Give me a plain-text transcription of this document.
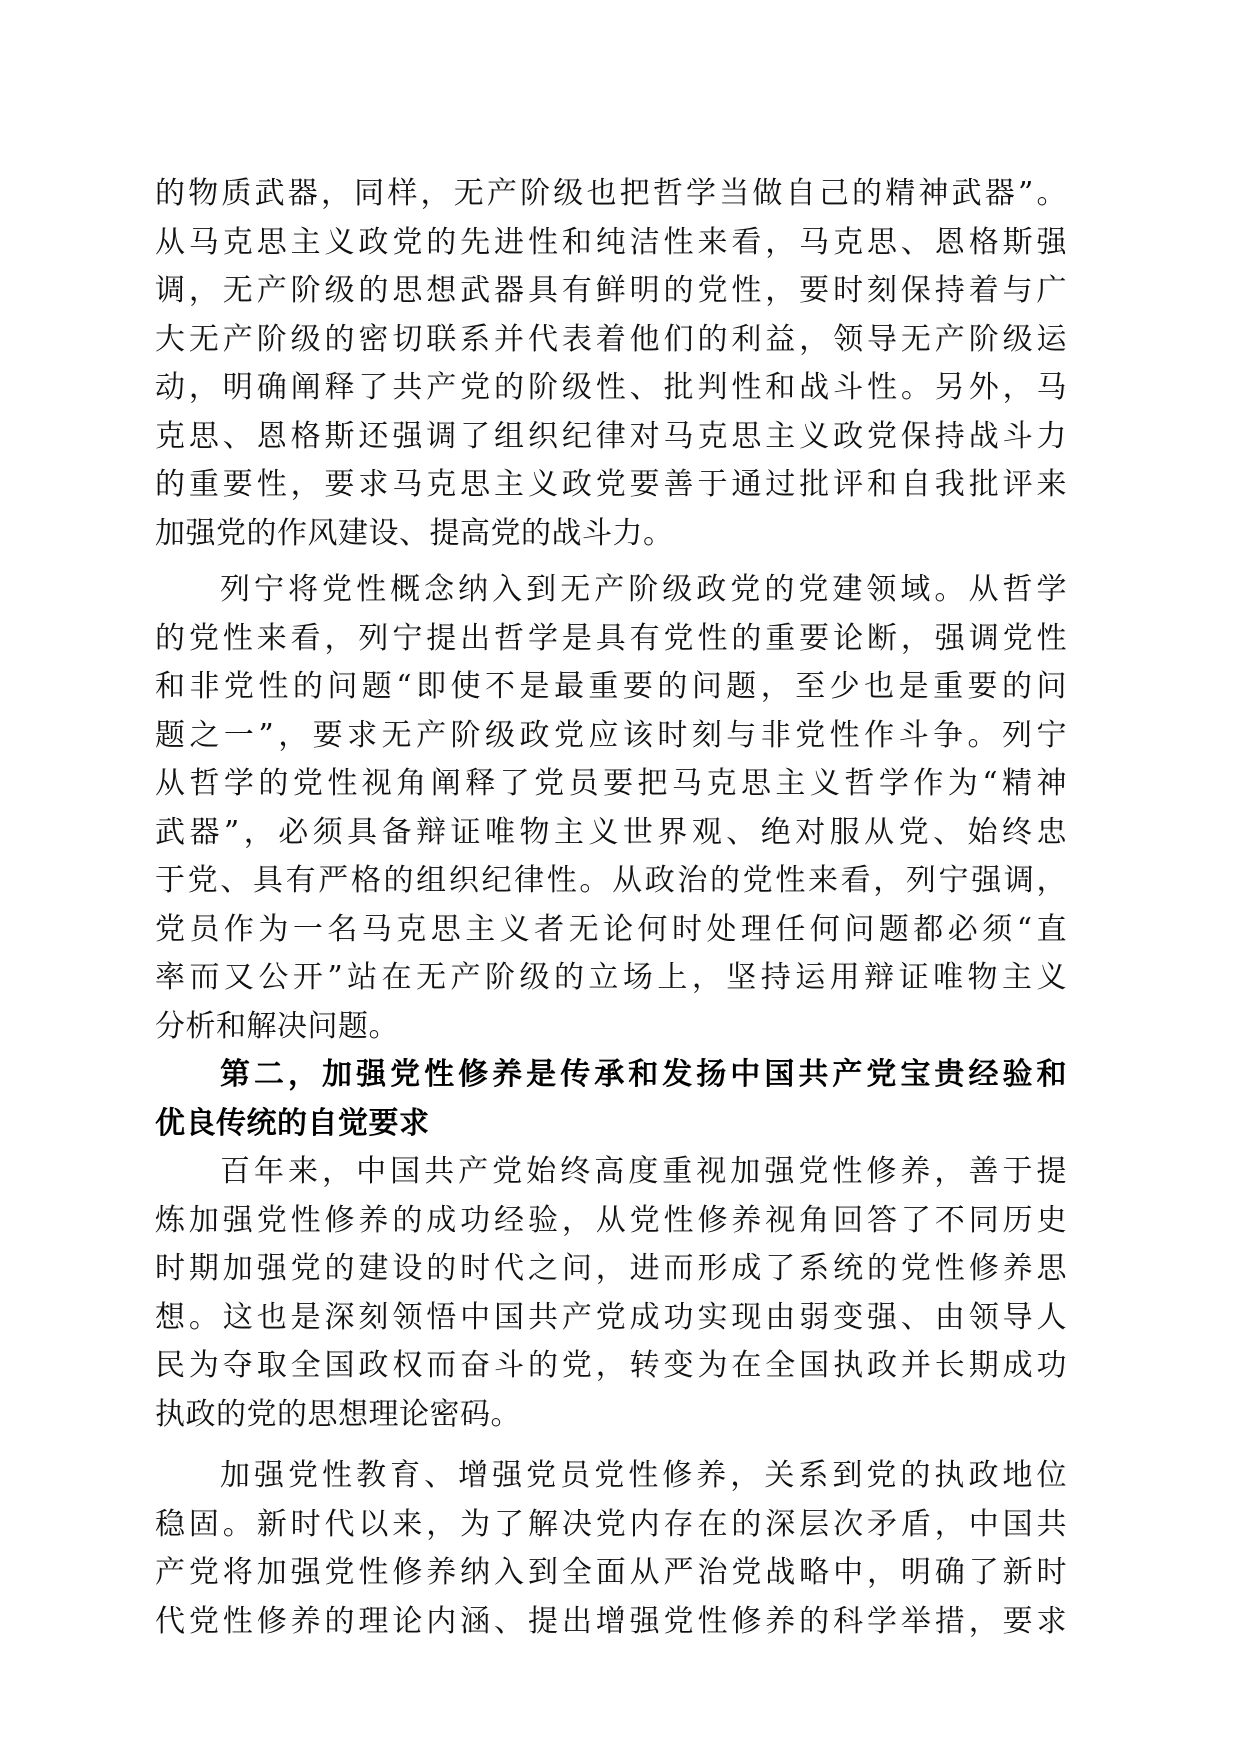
的物质武器，同样，无产阶级也把哲学当做自己的精神武器”。
从马克思主义政党的先进性和纯洁性来看，马克思、恩格斯强
调，无产阶级的思想武器具有鲜明的党性，要时刻保持着与广
大无产阶级的密切联系并代表着他们的利益，领导无产阶级运
动，明确阐释了共产党的阶级性、批判性和战斗性。另外，马
克思、恩格斯还强调了组织纪律对马克思主义政党保持战斗力
的重要性，要求马克思主义政党要善于通过批评和自我批评来
加强党的作风建设、提高党的战斗力。
列宁将党性概念纳入到无产阶级政党的党建领域。从哲学
的党性来看，列宁提出哲学是具有党性的重要论断，强调党性
和非党性的问题“即使不是最重要的问题，至少也是重要的问
题之一”，要求无产阶级政党应该时刻与非党性作斗争。列宁
从哲学的党性视角阐释了党员要把马克思主义哲学作为“精神
武器”，必须具备辩证唯物主义世界观、绝对服从党、始终忠
于党、具有严格的组织纪律性。从政治的党性来看，列宁强调，
党员作为一名马克思主义者无论何时处理任何问题都必须“直
率而又公开”站在无产阶级的立场上，坚持运用辩证唯物主义
分析和解决问题。
第二，加强党性修养是传承和发扬中国共产党宝贵经验和
优良传统的自觉要求
百年来，中国共产党始终高度重视加强党性修养，善于提
炼加强党性修养的成功经验，从党性修养视角回答了不同历史
时期加强党的建设的时代之问，进而形成了系统的党性修养思
想。这也是深刻领悟中国共产党成功实现由弱变强、由领导人
民为夺取全国政权而奋斗的党，转变为在全国执政并长期成功
执政的党的思想理论密码。
加强党性教育、增强党员党性修养，关系到党的执政地位
稳固。新时代以来，为了解决党内存在的深层次矛盾，中国共
产党将加强党性修养纳入到全面从严治党战略中，明确了新时
代党性修养的理论内涵、提出增强党性修养的科学举措，要求
